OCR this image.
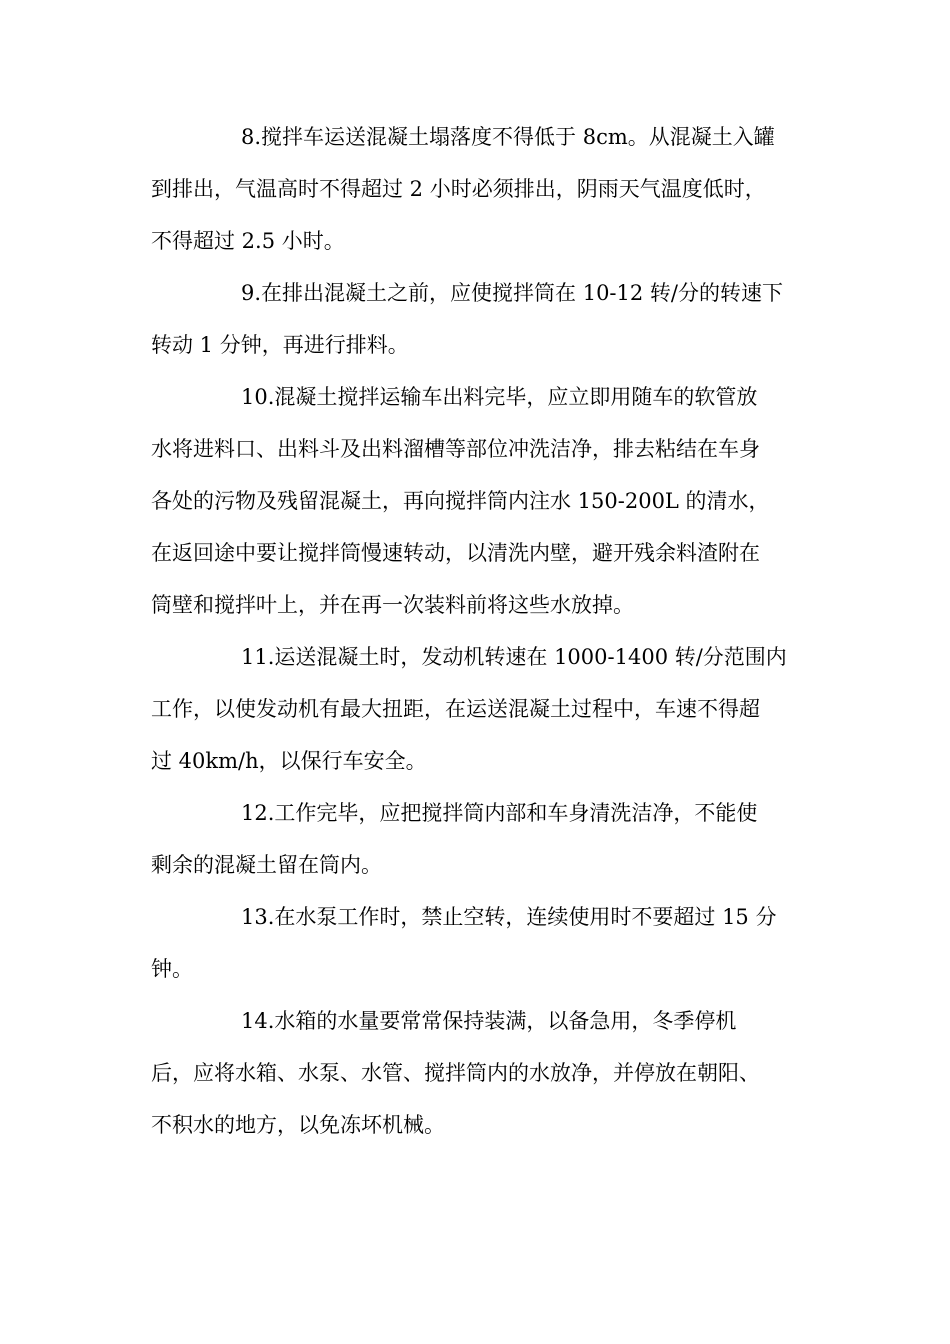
8.搅拌车运送混凝土塌落度不得低于 8cm。从混凝土入罐
到排出，气温高时不得超过 2 小时必须排出，阴雨天气温度低时，
不得超过 2.5 小时。
9.在排出混凝土之前，应使搅拌筒在 10-12 转/分的转速下
转动 1 分钟，再进行排料。
10.混凝土搅拌运输车出料完毕，应立即用随车的软管放
水将进料口、出料斗及出料溜槽等部位冲洗洁净，排去粘结在车身
各处的污物及残留混凝土，再向搅拌筒内注水 150-200L 的清水，
在返回途中要让搅拌筒慢速转动，以清洗内壁，避开残余料渣附在
筒壁和搅拌叶上，并在再一次装料前将这些水放掉。
11.运送混凝土时，发动机转速在 1000-1400 转/分范围内
工作，以使发动机有最大扭距，在运送混凝土过程中，车速不得超
过 40km/h，以保行车安全。
12.工作完毕，应把搅拌筒内部和车身清洗洁净，不能使
剩余的混凝土留在筒内。
13.在水泵工作时，禁止空转，连续使用时不要超过 15 分
钟。
14.水箱的水量要常常保持装满，以备急用，冬季停机
后，应将水箱、水泵、水管、搅拌筒内的水放净，并停放在朝阳、
不积水的地方，以免冻坏机械。
